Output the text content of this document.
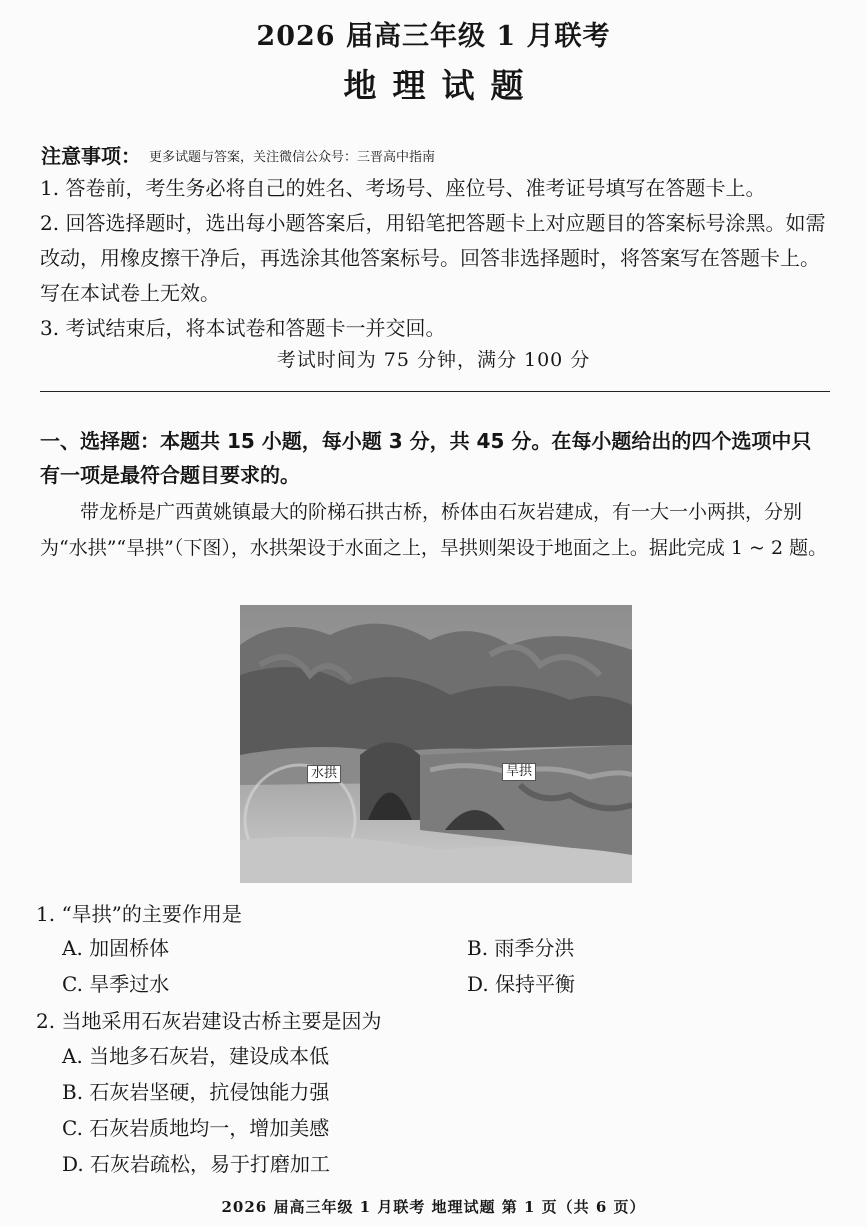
2026 届高三年级 1 月联考
地理试题
注意事项： 更多试题与答案，关注微信公众号：三晋高中指南
1. 答卷前，考生务必将自己的姓名、考场号、座位号、准考证号填写在答题卡上。
2. 回答选择题时，选出每小题答案后，用铅笔把答题卡上对应题目的答案标号涂黑。如需改动，用橡皮擦干净后，再选涂其他答案标号。回答非选择题时，将答案写在答题卡上。写在本试卷上无效。
3. 考试结束后，将本试卷和答题卡一并交回。
考试时间为 75 分钟，满分 100 分
一、选择题：本题共 15 小题，每小题 3 分，共 45 分。在每小题给出的四个选项中只有一项是最符合题目要求的。
带龙桥是广西黄姚镇最大的阶梯石拱古桥，桥体由石灰岩建成，有一大一小两拱，分别为“水拱”“旱拱”（下图），水拱架设于水面之上，旱拱则架设于地面之上。据此完成 1 ~ 2 题。
水拱	旱拱
1. “旱拱”的主要作用是
A. 加固桥体	B. 雨季分洪
C. 旱季过水	D. 保持平衡
2. 当地采用石灰岩建设古桥主要是因为
A. 当地多石灰岩，建设成本低
B. 石灰岩坚硬，抗侵蚀能力强
C. 石灰岩质地均一，增加美感
D. 石灰岩疏松，易于打磨加工
2026 届高三年级 1 月联考 地理试题 第 1 页（共 6 页）
